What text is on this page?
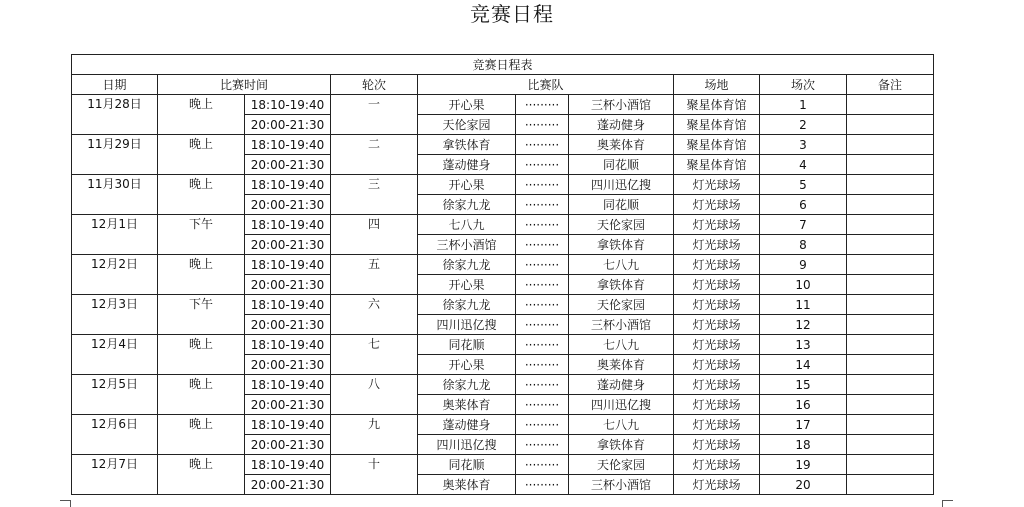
竞赛日程
竞赛日程表									
日期	比赛时间		轮次	比赛队			场地	场次	备注
11月28日	晚上	18:10-19:40	一	开心果	·········	三杯小酒馆	聚星体育馆	1	
		20:00-21:30		天伦家园	·········	蓬动健身	聚星体育馆	2	
11月29日	晚上	18:10-19:40	二	拿铁体育	·········	奥莱体育	聚星体育馆	3	
		20:00-21:30		蓬动健身	·········	同花顺	聚星体育馆	4	
11月30日	晚上	18:10-19:40	三	开心果	·········	四川迅亿搜	灯光球场	5	
		20:00-21:30		徐家九龙	·········	同花顺	灯光球场	6	
12月1日	下午	18:10-19:40	四	七八九	·········	天伦家园	灯光球场	7	
		20:00-21:30		三杯小酒馆	·········	拿铁体育	灯光球场	8	
12月2日	晚上	18:10-19:40	五	徐家九龙	·········	七八九	灯光球场	9	
		20:00-21:30		开心果	·········	拿铁体育	灯光球场	10	
12月3日	下午	18:10-19:40	六	徐家九龙	·········	天伦家园	灯光球场	11	
		20:00-21:30		四川迅亿搜	·········	三杯小酒馆	灯光球场	12	
12月4日	晚上	18:10-19:40	七	同花顺	·········	七八九	灯光球场	13	
		20:00-21:30		开心果	·········	奥莱体育	灯光球场	14	
12月5日	晚上	18:10-19:40	八	徐家九龙	·········	蓬动健身	灯光球场	15	
		20:00-21:30		奥莱体育	·········	四川迅亿搜	灯光球场	16	
12月6日	晚上	18:10-19:40	九	蓬动健身	·········	七八九	灯光球场	17	
		20:00-21:30		四川迅亿搜	·········	拿铁体育	灯光球场	18	
12月7日	晚上	18:10-19:40	十	同花顺	·········	天伦家园	灯光球场	19	
		20:00-21:30		奥莱体育	·········	三杯小酒馆	灯光球场	20	
